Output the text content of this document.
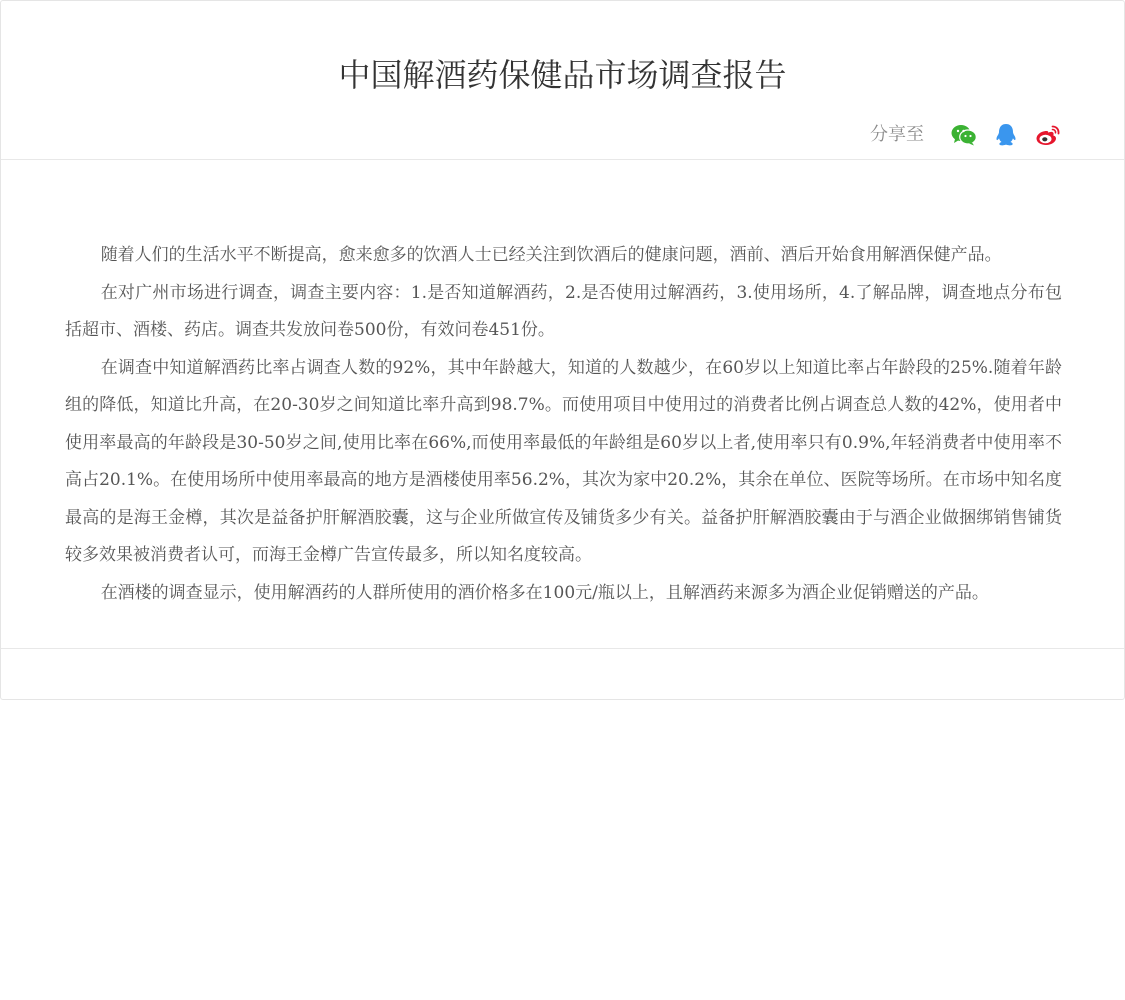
中国解酒药保健品市场调查报告
分享至

随着人们的生活水平不断提高，愈来愈多的饮酒人士已经关注到饮酒后的健康问题，酒前、酒后开始食用解酒保健产品。

在对广州市场进行调查，调查主要内容：1.是否知道解酒药，2.是否使用过解酒药，3.使用场所，4.了解品牌，调查地点分布包括超市、酒楼、药店。调查共发放问卷500份，有效问卷451份。

在调查中知道解酒药比率占调查人数的92%，其中年龄越大，知道的人数越少，在60岁以上知道比率占年龄段的25%.随着年龄组的降低，知道比升高，在20-30岁之间知道比率升高到98.7%。而使用项目中使用过的消费者比例占调查总人数的42%，使用者中使用率最高的年龄段是30-50岁之间,使用比率在66%,而使用率最低的年龄组是60岁以上者,使用率只有0.9%,年轻消费者中使用率不高占20.1%。在使用场所中使用率最高的地方是酒楼使用率56.2%，其次为家中20.2%，其余在单位、医院等场所。在市场中知名度最高的是海王金樽，其次是益备护肝解酒胶囊，这与企业所做宣传及铺货多少有关。益备护肝解酒胶囊由于与酒企业做捆绑销售铺货较多效果被消费者认可，而海王金樽广告宣传最多，所以知名度较高。

在酒楼的调查显示，使用解酒药的人群所使用的酒价格多在100元/瓶以上，且解酒药来源多为酒企业促销赠送的产品。
